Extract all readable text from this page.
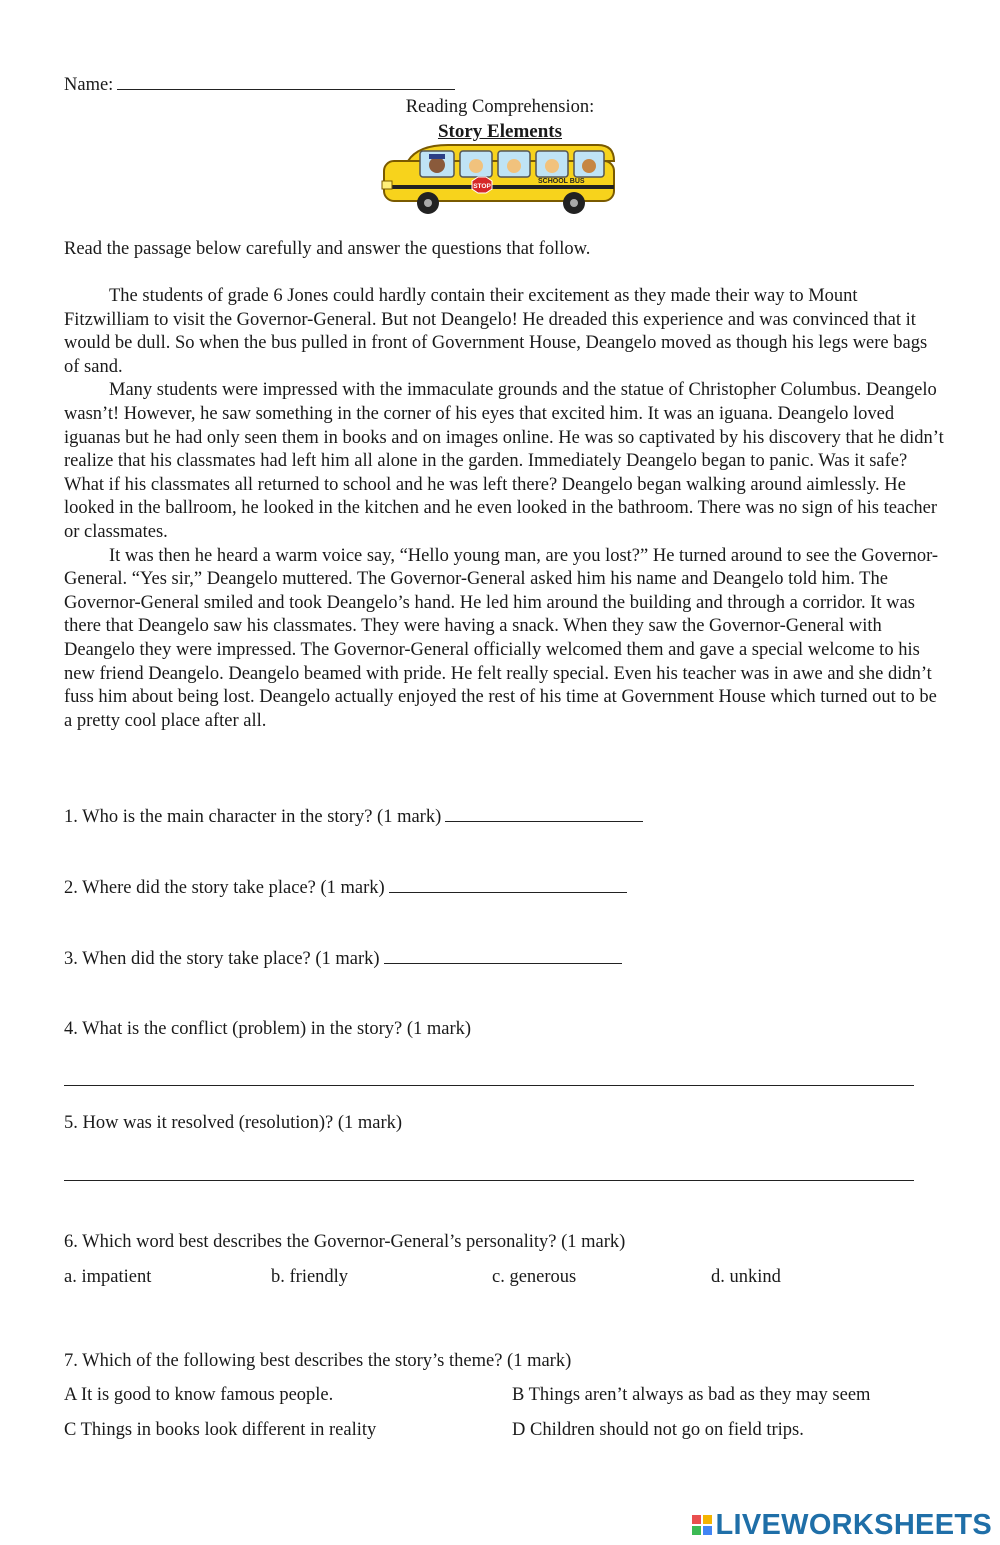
Name:
Reading Comprehension:
Story Elements
STOP
SCHOOL BUS
Read the passage below carefully and answer the questions that follow.

The students of grade 6 Jones could hardly contain their excitement as they made their way to Mount Fitzwilliam to visit the Governor-General. But not Deangelo! He dreaded this experience and was convinced that it would be dull. So when the bus pulled in front of Government House, Deangelo moved as though his legs were bags of sand.

Many students were impressed with the immaculate grounds and the statue of Christopher Columbus. Deangelo wasn’t! However, he saw something in the corner of his eyes that excited him. It was an iguana. Deangelo loved iguanas but he had only seen them in books and on images online. He was so captivated by his discovery that he didn’t realize that his classmates had left him all alone in the garden. Immediately Deangelo began to panic. Was it safe? What if his classmates all returned to school and he was left there? Deangelo began walking around aimlessly. He looked in the ballroom, he looked in the kitchen and he even looked in the bathroom. There was no sign of his teacher or classmates.

It was then he heard a warm voice say, “Hello young man, are you lost?” He turned around to see the Governor-General. “Yes sir,” Deangelo muttered. The Governor-General asked him his name and Deangelo told him. The Governor-General smiled and took Deangelo’s hand. He led him around the building and through a corridor. It was there that Deangelo saw his classmates. They were having a snack. When they saw the Governor-General with Deangelo they were impressed. The Governor-General officially welcomed them and gave a special welcome to his new friend Deangelo. Deangelo beamed with pride. He felt really special. Even his teacher was in awe and she didn’t fuss him about being lost. Deangelo actually enjoyed the rest of his time at Government House which turned out to be a pretty cool place after all.

1. Who is the main character in the story? (1 mark)
2. Where did the story take place? (1 mark)
3. When did the story take place? (1 mark)
4. What is the conflict (problem) in the story? (1 mark)
5. How was it resolved (resolution)? (1 mark)
6. Which word best describes the Governor-General’s personality? (1 mark)
a. impatient	b. friendly	c. generous	d. unkind
7. Which of the following best describes the story’s theme? (1 mark)
A It is good to know famous people.	B Things aren’t always as bad as they may seem
C Things in books look different in reality	D Children should not go on field trips.
LIVEWORKSHEETS
